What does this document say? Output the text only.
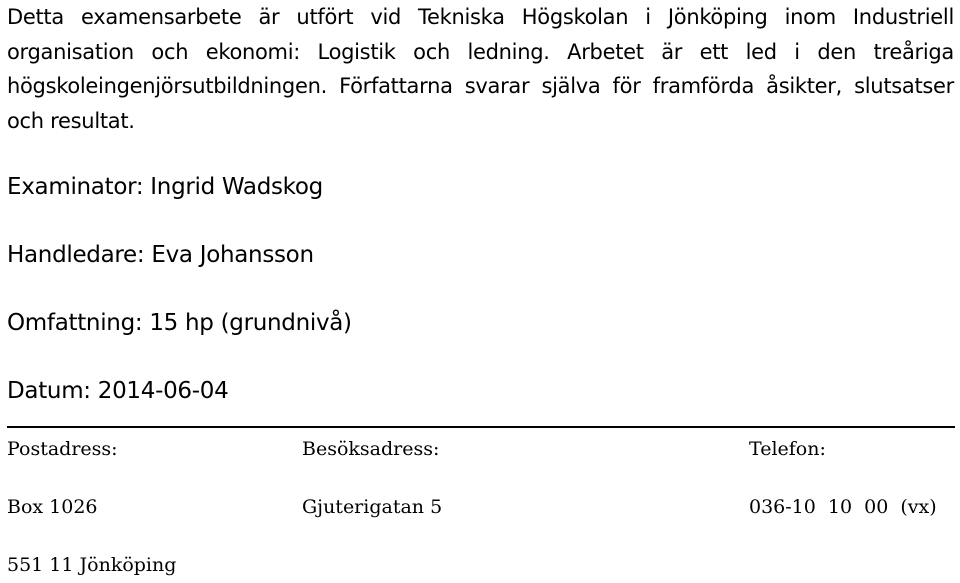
Detta examensarbete är utfört vid Tekniska Högskolan i Jönköping inom Industriell organisation och ekonomi: Logistik och ledning. Arbetet är ett led i den treåriga högskoleingenjörsutbildningen. Författarna svarar själva för framförda åsikter, slutsatser och resultat.

Examinator: Ingrid Wadskog

Handledare: Eva Johansson

Omfattning: 15 hp (grundnivå)

Datum: 2014-06-04

Postadress:	Besöksadress:	Telefon:

Box 1026	Gjuterigatan 5	036-10 10 00 (vx)

551 11 Jönköping
